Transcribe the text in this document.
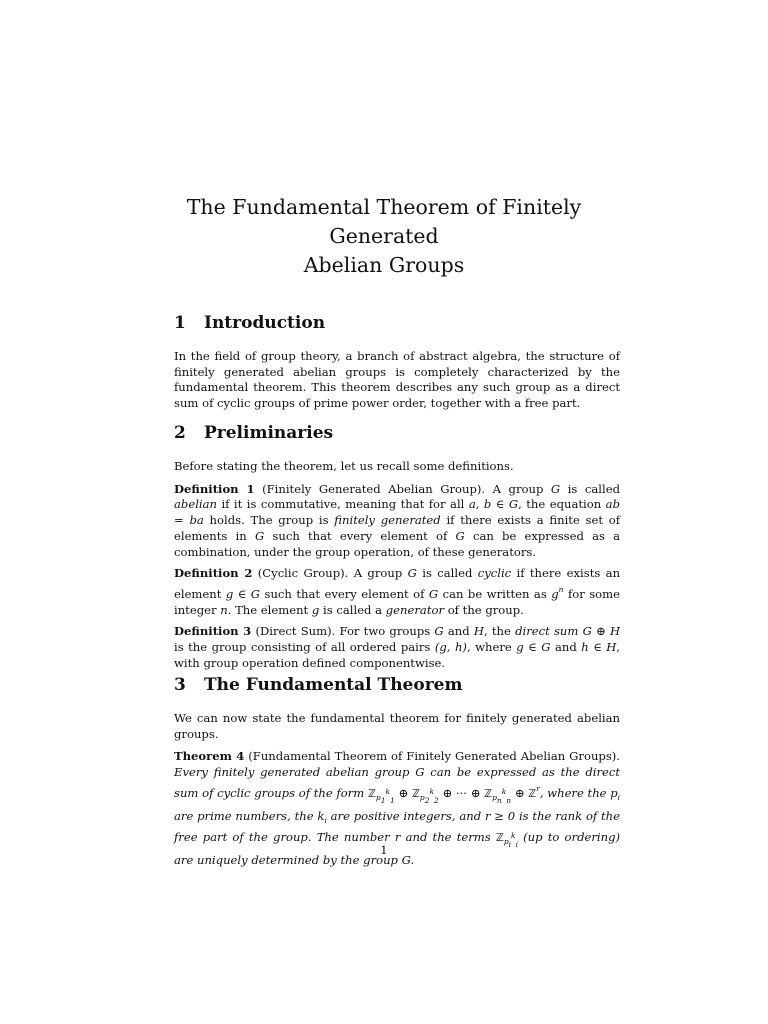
The Fundamental Theorem of Finitely Generated
Abelian Groups
1 Introduction

In the field of group theory, a branch of abstract algebra, the structure of finitely generated abelian groups is completely characterized by the fundamental theorem. This theorem describes any such group as a direct sum of cyclic groups of prime power order, together with a free part.

2 Preliminaries

Before stating the theorem, let us recall some definitions.

Definition 1 (Finitely Generated Abelian Group). A group G is called abelian if it is commutative, meaning that for all a, b ∈ G, the equation ab = ba holds. The group is finitely generated if there exists a finite set of elements in G such that every element of G can be expressed as a combination, under the group operation, of these generators.

Definition 2 (Cyclic Group). A group G is called cyclic if there exists an element g ∈ G such that every element of G can be written as $g^n$ for some integer n. The element g is called a generator of the group.

Definition 3 (Direct Sum). For two groups G and H, the direct sum G ⊕ H is the group consisting of all ordered pairs (g, h), where g ∈ G and h ∈ H, with group operation defined componentwise.

3 The Fundamental Theorem

We can now state the fundamental theorem for finitely generated abelian groups.

Theorem 4 (Fundamental Theorem of Finitely Generated Abelian Groups). Every finitely generated abelian group G can be expressed as the direct sum of cyclic groups of the form ℤ$_{p1k1}$ ⊕ ℤ$_{p2k2}$ ⊕ ··· ⊕ ℤ$_{pnkn}$ ⊕ ℤ$^r$, where the $p_i$ are prime numbers, the $k_i$ are positive integers, and r ≥ 0 is the rank of the free part of the group. The number r and the terms ℤ$_{piki}$ (up to ordering) are uniquely determined by the group G.

1
